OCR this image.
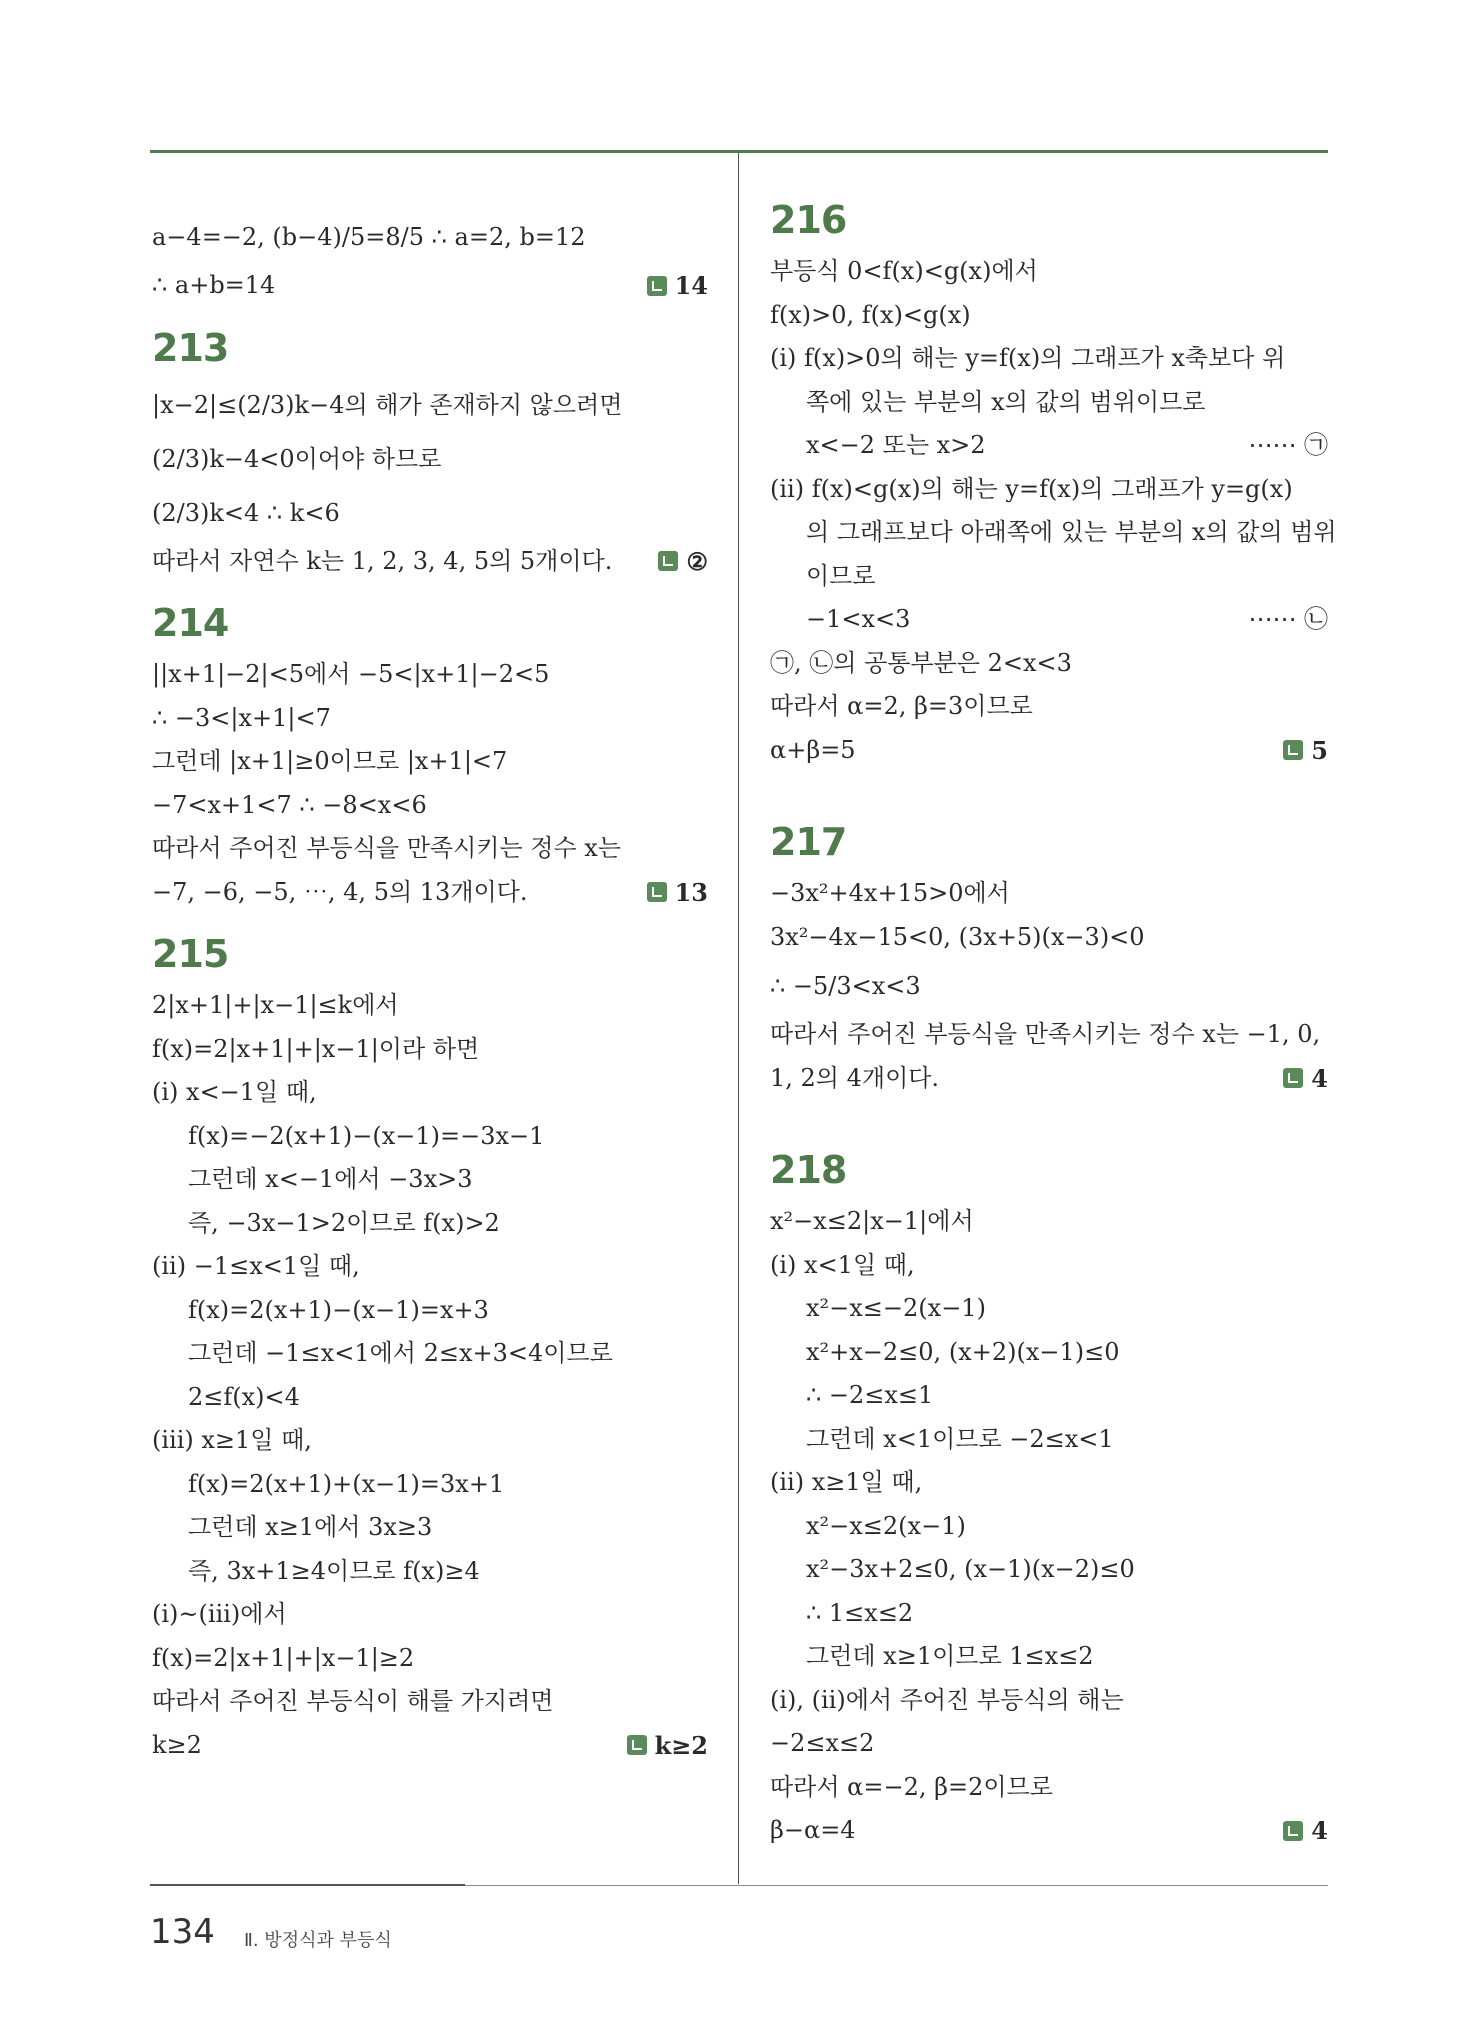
a−4=−2, (b−4)/5=8/5 ∴ a=2, b=12
∴ a+b=14	14
213
|x−2|≤(2/3)k−4의 해가 존재하지 않으려면
(2/3)k−4<0이어야 하므로
(2/3)k<4 ∴ k<6
따라서 자연수 k는 1, 2, 3, 4, 5의 5개이다.	②
214
||x+1|−2|<5에서 −5<|x+1|−2<5
∴ −3<|x+1|<7
그런데 |x+1|≥0이므로 |x+1|<7
−7<x+1<7 ∴ −8<x<6
따라서 주어진 부등식을 만족시키는 정수 x는
−7, −6, −5, ⋯, 4, 5의 13개이다.	13
215
2|x+1|+|x−1|≤k에서
f(x)=2|x+1|+|x−1|이라 하면
(ⅰ) x<−1일 때,
f(x)=−2(x+1)−(x−1)=−3x−1
그런데 x<−1에서 −3x>3
즉, −3x−1>2이므로 f(x)>2
(ⅱ) −1≤x<1일 때,
f(x)=2(x+1)−(x−1)=x+3
그런데 −1≤x<1에서 2≤x+3<4이므로
2≤f(x)<4
(ⅲ) x≥1일 때,
f(x)=2(x+1)+(x−1)=3x+1
그런데 x≥1에서 3x≥3
즉, 3x+1≥4이므로 f(x)≥4
(ⅰ)~(ⅲ)에서
f(x)=2|x+1|+|x−1|≥2
따라서 주어진 부등식이 해를 가지려면
k≥2	k≥2
216
부등식 0<f(x)<g(x)에서
f(x)>0, f(x)<g(x)
(ⅰ) f(x)>0의 해는 y=f(x)의 그래프가 x축보다 위
쪽에 있는 부분의 x의 값의 범위이므로
x<−2 또는 x>2	⋯⋯ ㉠
(ⅱ) f(x)<g(x)의 해는 y=f(x)의 그래프가 y=g(x)
의 그래프보다 아래쪽에 있는 부분의 x의 값의 범위
이므로
−1<x<3	⋯⋯ ㉡
㉠, ㉡의 공통부분은 2<x<3
따라서 α=2, β=3이므로
α+β=5	5
217
−3x²+4x+15>0에서
3x²−4x−15<0, (3x+5)(x−3)<0
∴ −5/3<x<3
따라서 주어진 부등식을 만족시키는 정수 x는 −1, 0,
1, 2의 4개이다.	4
218
x²−x≤2|x−1|에서
(ⅰ) x<1일 때,
x²−x≤−2(x−1)
x²+x−2≤0, (x+2)(x−1)≤0
∴ −2≤x≤1
그런데 x<1이므로 −2≤x<1
(ⅱ) x≥1일 때,
x²−x≤2(x−1)
x²−3x+2≤0, (x−1)(x−2)≤0
∴ 1≤x≤2
그런데 x≥1이므로 1≤x≤2
(ⅰ), (ⅱ)에서 주어진 부등식의 해는
−2≤x≤2
따라서 α=−2, β=2이므로
β−α=4	4
134 Ⅱ. 방정식과 부등식
